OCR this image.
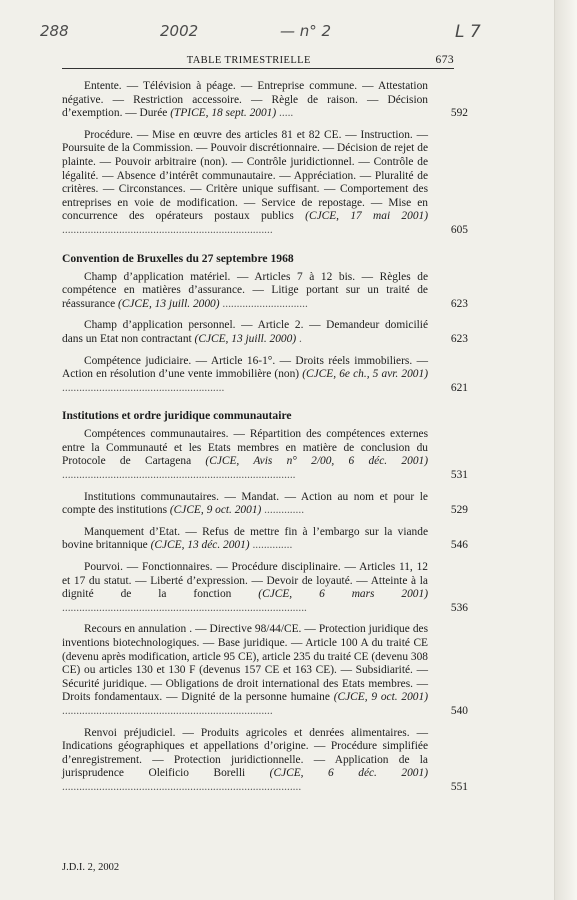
288	2002	— n° 2	L 7
TABLE TRIMESTRIELLE	673
Entente. — Télévision à péage. — Entreprise commune. — Attestation négative. — Restriction accessoire. — Règle de raison. — Décision d’exemption. — Durée (TPICE, 18 sept. 2001) .....	592
Procédure. — Mise en œuvre des articles 81 et 82 CE. — Instruction. — Poursuite de la Commission. — Pouvoir discrétionnaire. — Décision de rejet de plainte. — Pouvoir arbitraire (non). — Contrôle juridictionnel. — Contrôle de légalité. — Absence d’intérêt communautaire. — Appréciation. — Pluralité de critères. — Circonstances. — Critère unique suffisant. — Comportement des entreprises en voie de modification. — Service de repostage. — Mise en concurrence des opérateurs postaux publics (CJCE, 17 mai 2001) ..........................................................................	605
Convention de Bruxelles du 27 septembre 1968
Champ d’application matériel. — Articles 7 à 12 bis. — Règles de compétence en matières d’assurance. — Litige portant sur un traité de réassurance (CJCE, 13 juill. 2000) ..............................	623
Champ d’application personnel. — Article 2. — Demandeur domicilié dans un Etat non contractant (CJCE, 13 juill. 2000) .	623
Compétence judiciaire. — Article 16-1°. — Droits réels immobiliers. — Action en résolution d’une vente immobilière (non) (CJCE, 6e ch., 5 avr. 2001) .........................................................	621
Institutions et ordre juridique communautaire
Compétences communautaires. — Répartition des compétences externes entre la Communauté et les Etats membres en matière de conclusion du Protocole de Cartagena (CJCE, Avis n° 2/00, 6 déc. 2001) ..................................................................................	531
Institutions communautaires. — Mandat. — Action au nom et pour le compte des institutions (CJCE, 9 oct. 2001) ..............	529
Manquement d’Etat. — Refus de mettre fin à l’embargo sur la viande bovine britannique (CJCE, 13 déc. 2001) ..............	546
Pourvoi. — Fonctionnaires. — Procédure disciplinaire. — Articles 11, 12 et 17 du statut. — Liberté d’expression. — Devoir de loyauté. — Atteinte à la dignité de la fonction (CJCE, 6 mars 2001) ......................................................................................	536
Recours en annulation . — Directive 98/44/CE. — Protection juridique des inventions biotechnologiques. — Base juridique. — Article 100 A du traité CE (devenu après modification, article 95 CE), article 235 du traité CE (devenu 308 CE) ou articles 130 et 130 F (devenus 157 CE et 163 CE). — Subsidiarité. — Sécurité juridique. — Obligations de droit international des Etats membres. — Droits fondamentaux. — Dignité de la personne humaine (CJCE, 9 oct. 2001) ..........................................................................	540
Renvoi préjudiciel. — Produits agricoles et denrées alimentaires. — Indications géographiques et appellations d’origine. — Procédure simplifiée d’enregistrement. — Protection juridictionnelle. — Application de la jurisprudence Oleificio Borelli (CJCE, 6 déc. 2001) ....................................................................................	551
J.D.I. 2, 2002
